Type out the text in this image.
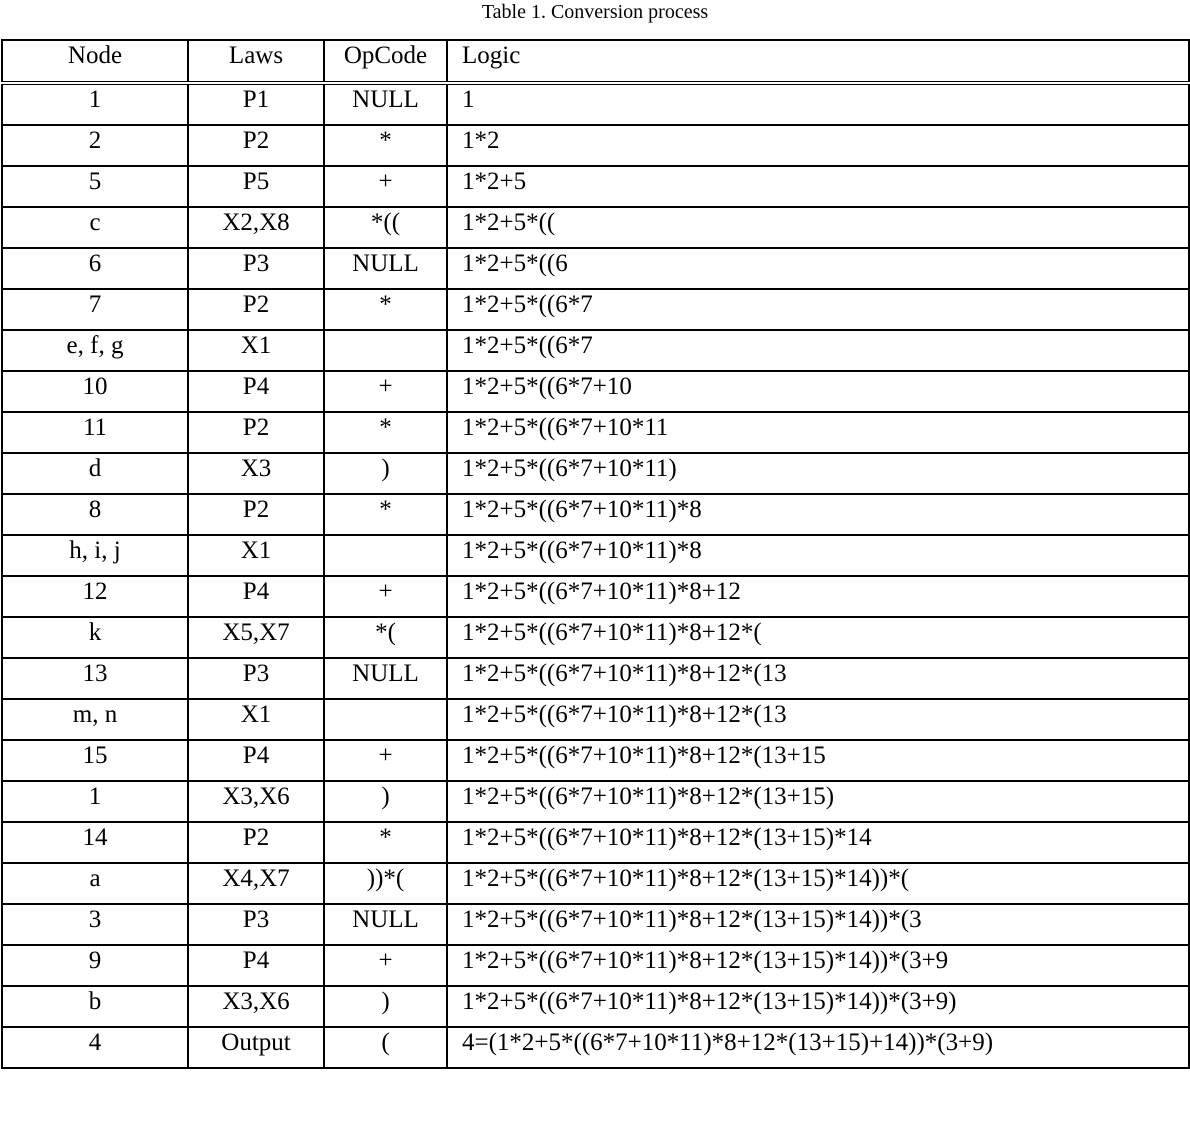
Table 1. Conversion process
Node	Laws	OpCode	Logic
1	P1	NULL	1
2	P2	*	1*2
5	P5	+	1*2+5
c	X2,X8	*((	1*2+5*((
6	P3	NULL	1*2+5*((6
7	P2	*	1*2+5*((6*7
e, f, g	X1		1*2+5*((6*7
10	P4	+	1*2+5*((6*7+10
11	P2	*	1*2+5*((6*7+10*11
d	X3	)	1*2+5*((6*7+10*11)
8	P2	*	1*2+5*((6*7+10*11)*8
h, i, j	X1		1*2+5*((6*7+10*11)*8
12	P4	+	1*2+5*((6*7+10*11)*8+12
k	X5,X7	*(	1*2+5*((6*7+10*11)*8+12*(
13	P3	NULL	1*2+5*((6*7+10*11)*8+12*(13
m, n	X1		1*2+5*((6*7+10*11)*8+12*(13
15	P4	+	1*2+5*((6*7+10*11)*8+12*(13+15
1	X3,X6	)	1*2+5*((6*7+10*11)*8+12*(13+15)
14	P2	*	1*2+5*((6*7+10*11)*8+12*(13+15)*14
a	X4,X7	))*(	1*2+5*((6*7+10*11)*8+12*(13+15)*14))*(
3	P3	NULL	1*2+5*((6*7+10*11)*8+12*(13+15)*14))*(3
9	P4	+	1*2+5*((6*7+10*11)*8+12*(13+15)*14))*(3+9
b	X3,X6	)	1*2+5*((6*7+10*11)*8+12*(13+15)*14))*(3+9)
4	Output	(	4=(1*2+5*((6*7+10*11)*8+12*(13+15)+14))*(3+9)
